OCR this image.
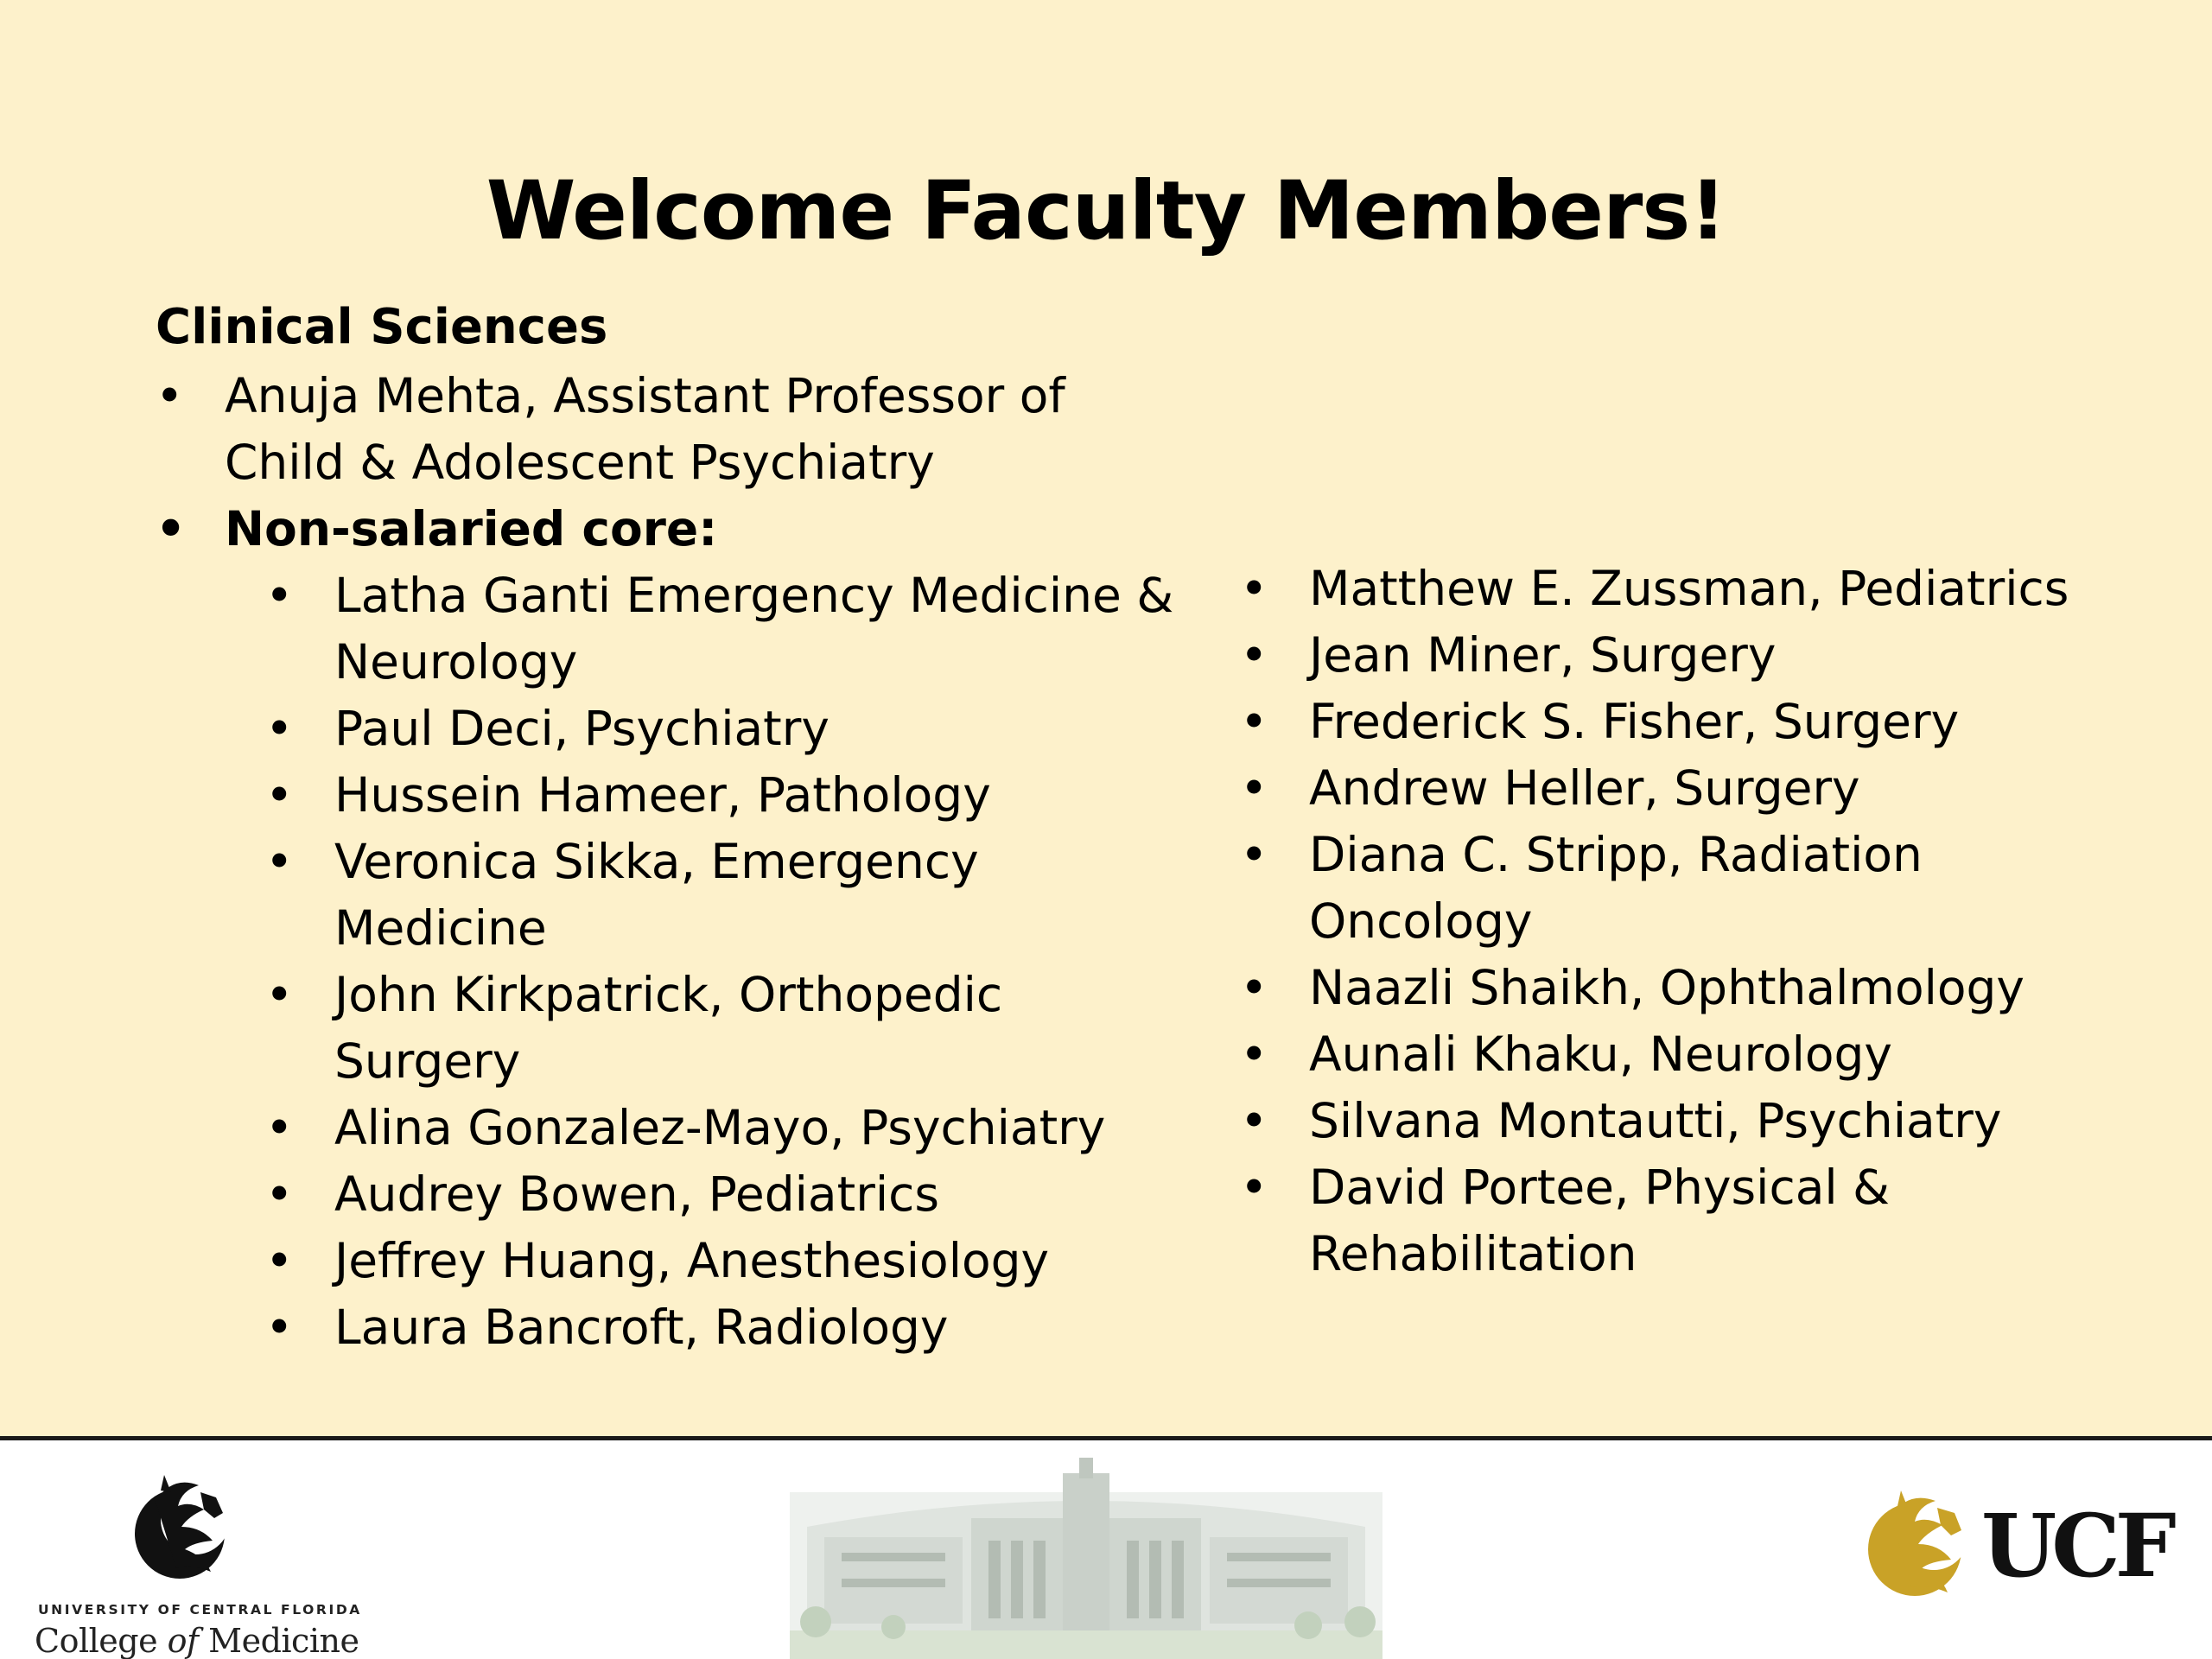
Welcome Faculty Members!
Clinical Sciences
• Anuja Mehta, Assistant Professor of
Child & Adolescent Psychiatry
• Non-salaried core:
• Latha Ganti Emergency Medicine &
Neurology
• Paul Deci, Psychiatry
• Hussein Hameer, Pathology
• Veronica Sikka, Emergency
Medicine
• John Kirkpatrick, Orthopedic
Surgery
• Alina Gonzalez-Mayo, Psychiatry
• Audrey Bowen, Pediatrics
• Jeffrey Huang, Anesthesiology
• Laura Bancroft, Radiology
• Matthew E. Zussman, Pediatrics
• Jean Miner, Surgery
• Frederick S. Fisher, Surgery
• Andrew Heller, Surgery
• Diana C. Stripp, Radiation
Oncology
• Naazli Shaikh, Ophthalmology
• Aunali Khaku, Neurology
• Silvana Montautti, Psychiatry
• David Portee, Physical &
Rehabilitation
UNIVERSITY OF CENTRAL FLORIDA
College of Medicine
UCF
